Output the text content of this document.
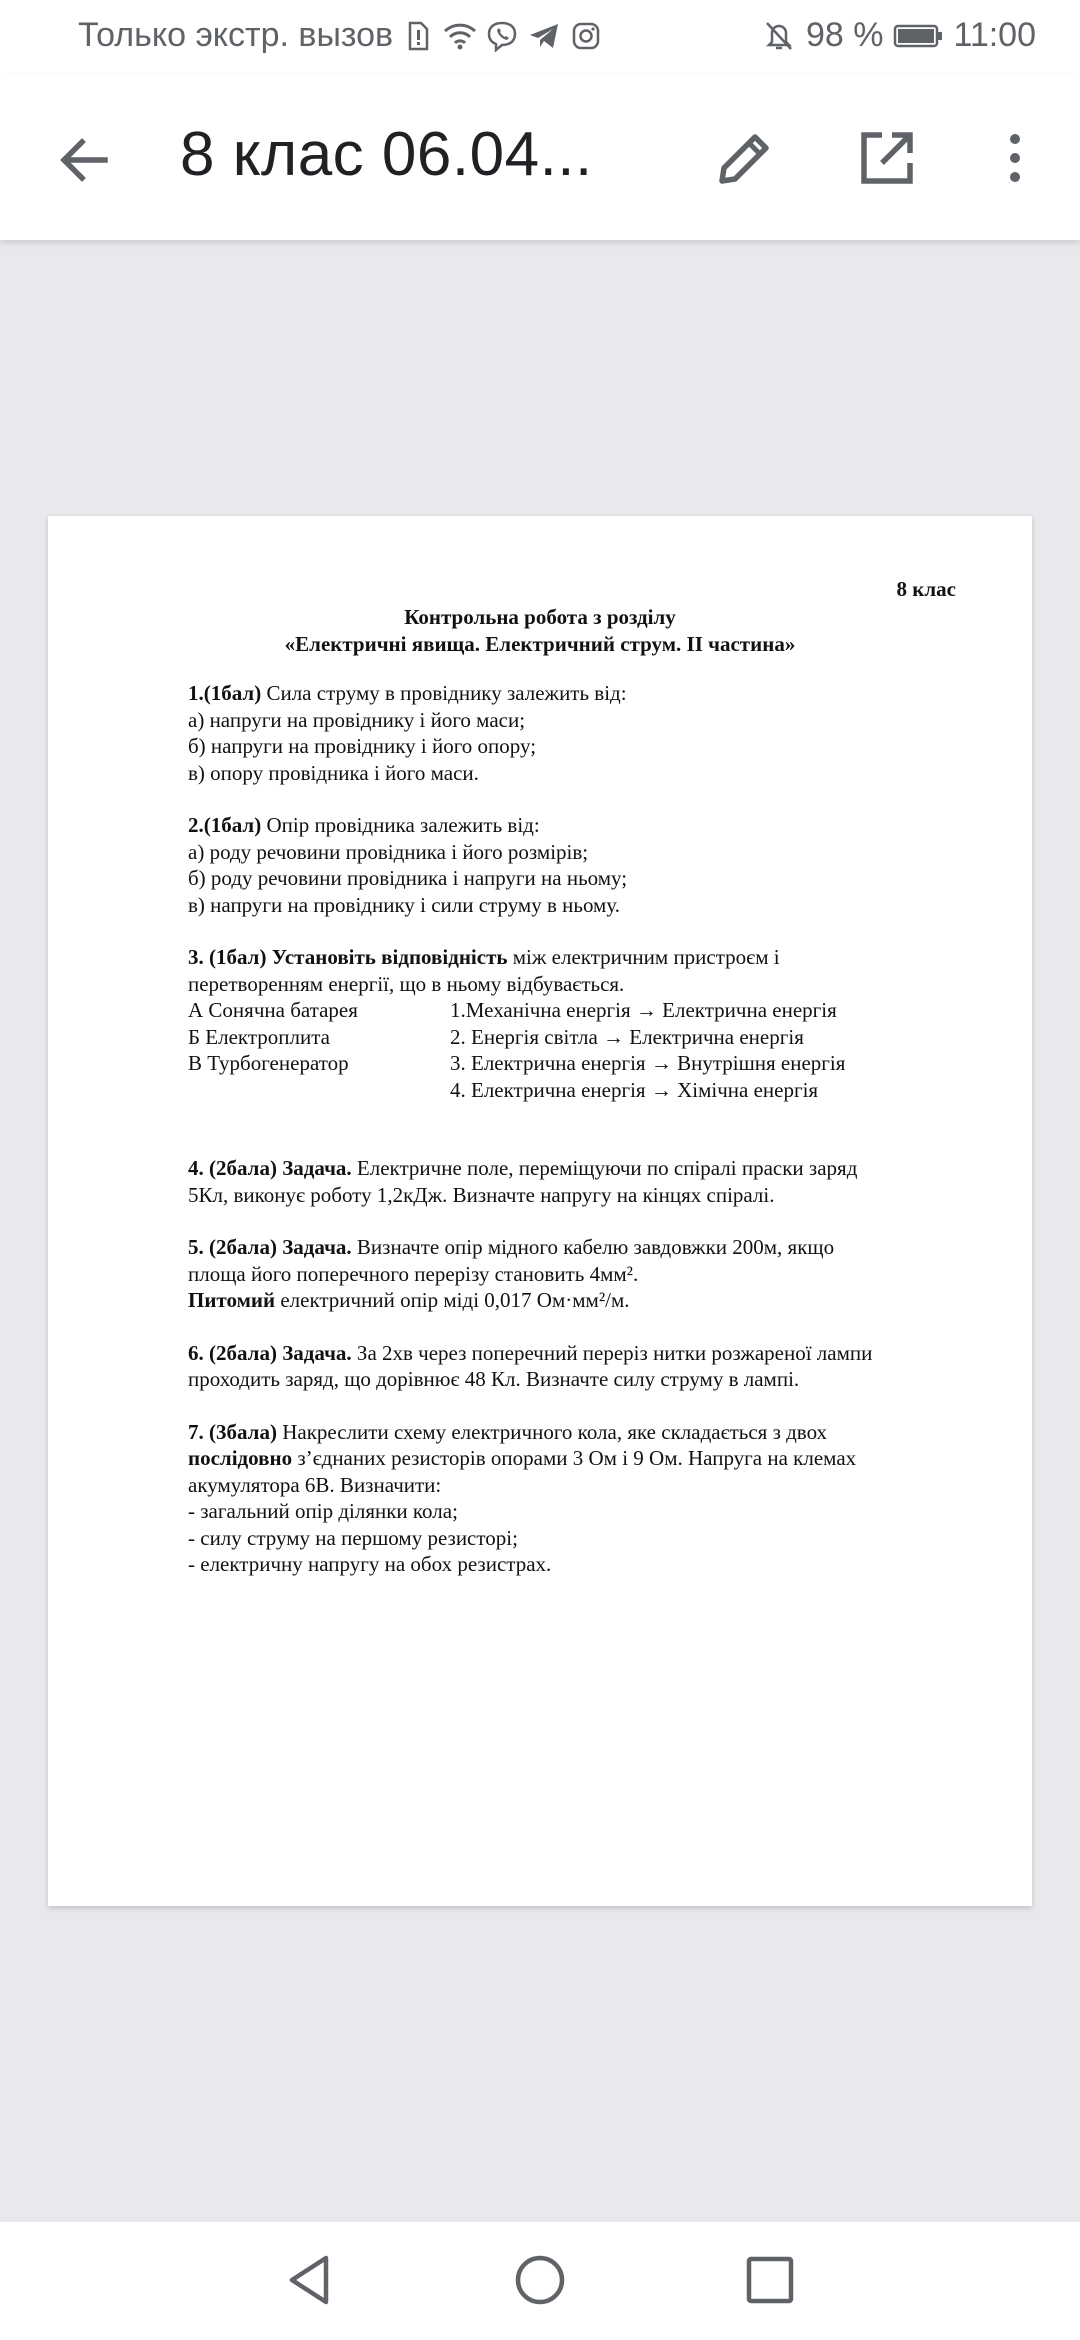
Только экстр. вызов	98 % 11:00
8 клас 06.04...
8 клас
Контрольна робота з розділу
«Електричні явища. Електричний струм. ІІ частина»

1.(1бал) Сила струму в провіднику залежить від:

а) напруги на провіднику і його маси;

б) напруги на провіднику і його опору;

в) опору провідника і його маси.

2.(1бал) Опір провідника залежить від:

а) роду речовини провідника і його розмірів;

б) роду речовини провідника і напруги на ньому;

в) напруги на провіднику і сили струму в ньому.

3. (1бал) Установіть відповідність між електричним пристроєм і

перетворенням енергії, що в ньому відбувається.

А Сонячна батарея	1.Механічна енергія → Електрична енергія
Б Електроплита	2. Енергія світла → Електрична енергія
В Турбогенератор	3. Електрична енергія → Внутрішня енергія
4. Електрична енергія → Хімічна енергія

4. (2бала) Задача. Електричне поле, переміщуючи по спіралі праски заряд

5Кл, виконує роботу 1,2кДж. Визначте напругу на кінцях спіралі.

5. (2бала) Задача. Визначте опір мідного кабелю завдовжки 200м, якщо

площа його поперечного перерізу становить 4мм².

Питомий електричний опір міді 0,017 Ом·мм²/м.

6. (2бала) Задача. За 2хв через поперечний переріз нитки розжареної лампи

проходить заряд, що дорівнює 48 Кл. Визначте силу струму в лампі.

7. (3бала) Накреслити схему електричного кола, яке складається з двох

послідовно з’єднаних резисторів опорами 3 Ом і 9 Ом. Напруга на клемах

акумулятора 6В. Визначити:

- загальний опір ділянки кола;

- силу струму на першому резисторі;

- електричну напругу на обох резистрах.
